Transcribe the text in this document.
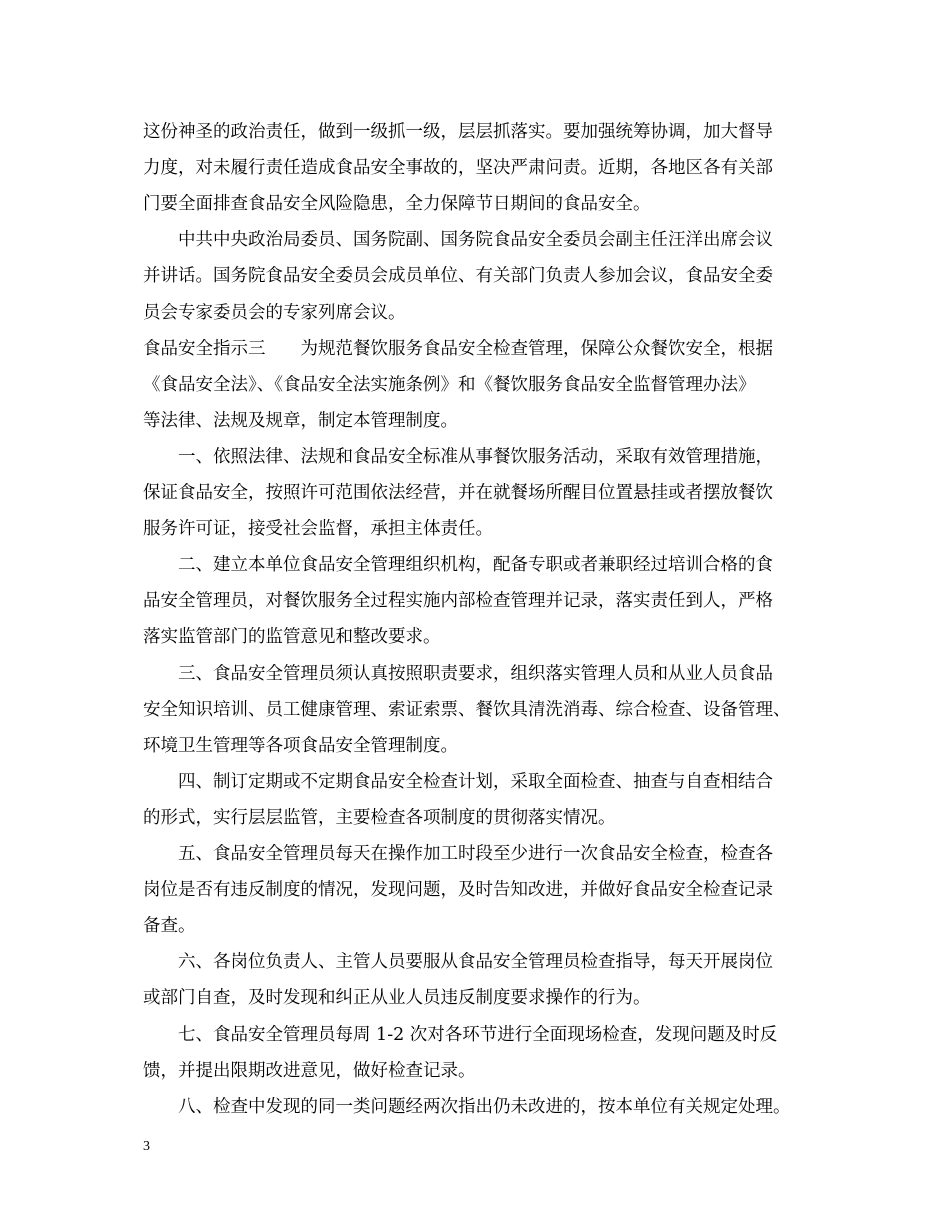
这份神圣的政治责任，做到一级抓一级，层层抓落实。要加强统筹协调，加大督导
力度，对未履行责任造成食品安全事故的，坚决严肃问责。近期，各地区各有关部
门要全面排查食品安全风险隐患，全力保障节日期间的食品安全。
　　中共中央政治局委员、国务院副、国务院食品安全委员会副主任汪洋出席会议
并讲话。国务院食品安全委员会成员单位、有关部门负责人参加会议，食品安全委
员会专家委员会的专家列席会议。
食品安全指示三　　为规范餐饮服务食品安全检查管理，保障公众餐饮安全，根据
《食品安全法》、《食品安全法实施条例》和《餐饮服务食品安全监督管理办法》
等法律、法规及规章，制定本管理制度。
　　一、依照法律、法规和食品安全标准从事餐饮服务活动，采取有效管理措施，
保证食品安全，按照许可范围依法经营，并在就餐场所醒目位置悬挂或者摆放餐饮
服务许可证，接受社会监督，承担主体责任。
　　二、建立本单位食品安全管理组织机构，配备专职或者兼职经过培训合格的食
品安全管理员，对餐饮服务全过程实施内部检查管理并记录，落实责任到人，严格
落实监管部门的监管意见和整改要求。
　　三、食品安全管理员须认真按照职责要求，组织落实管理人员和从业人员食品
安全知识培训、员工健康管理、索证索票、餐饮具清洗消毒、综合检查、设备管理、
环境卫生管理等各项食品安全管理制度。
　　四、制订定期或不定期食品安全检查计划，采取全面检查、抽查与自查相结合
的形式，实行层层监管，主要检查各项制度的贯彻落实情况。
　　五、食品安全管理员每天在操作加工时段至少进行一次食品安全检查，检查各
岗位是否有违反制度的情况，发现问题，及时告知改进，并做好食品安全检查记录
备查。
　　六、各岗位负责人、主管人员要服从食品安全管理员检查指导，每天开展岗位
或部门自查，及时发现和纠正从业人员违反制度要求操作的行为。
　　七、食品安全管理员每周 1-2 次对各环节进行全面现场检查，发现问题及时反
馈，并提出限期改进意见，做好检查记录。
　　八、检查中发现的同一类问题经两次指出仍未改进的，按本单位有关规定处理。
3
